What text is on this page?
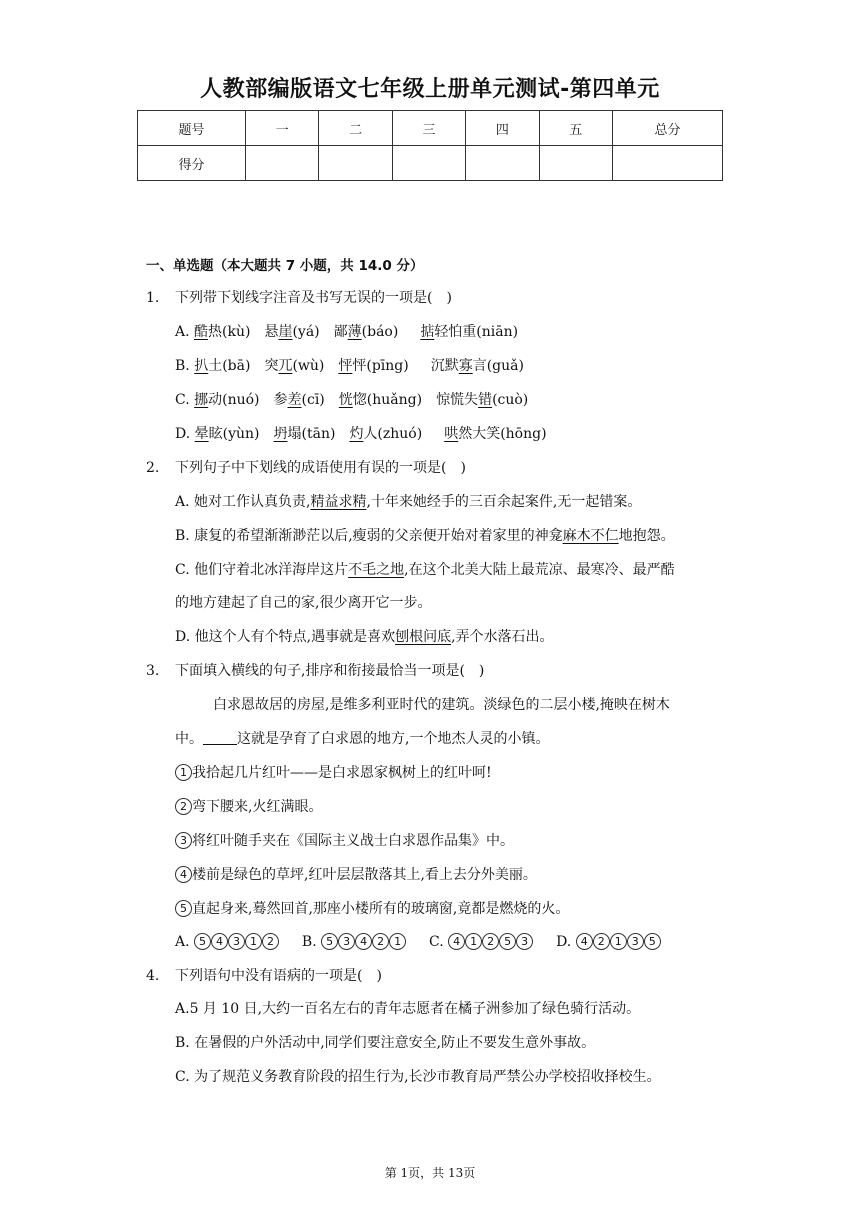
人教部编版语文七年级上册单元测试-第四单元
题号	一	二	三	四	五	总分
得分						
一、单选题（本大题共 7 小题，共 14.0 分）
1. 下列带下划线字注音及书写无误的一项是(　)
A. 酷热(kù) 悬崖(yá) 鄙薄(báo) 掂轻怕重(niān)
B. 扒土(bā) 突兀(wù) 怦怦(pīng) 沉默寡言(guǎ)
C. 挪动(nuó) 参差(cī) 恍惚(huǎng) 惊慌失错(cuò)
D. 晕眩(yùn) 坍塌(tān) 灼人(zhuó) 哄然大笑(hōng)
2. 下列句子中下划线的成语使用有误的一项是(　)
A. 她对工作认真负责,精益求精,十年来她经手的三百余起案件,无一起错案。
B. 康复的希望渐渐渺茫以后,瘦弱的父亲便开始对着家里的神龛麻木不仁地抱怨。
C. 他们守着北冰洋海岸这片不毛之地,在这个北美大陆上最荒凉、最寒冷、最严酷
的地方建起了自己的家,很少离开它一步。
D. 他这个人有个特点,遇事就是喜欢刨根问底,弄个水落石出。
3. 下面填入横线的句子,排序和衔接最恰当一项是(　)
白求恩故居的房屋,是维多利亚时代的建筑。淡绿色的二层小楼,掩映在树木
中。 这就是孕育了白求恩的地方,一个地杰人灵的小镇。
1 我拾起几片红叶——是白求恩家枫树上的红叶呵!
2 弯下腰来,火红满眼。
3 将红叶随手夹在《国际主义战士白求恩作品集》中。
4 楼前是绿色的草坪,红叶层层散落其上,看上去分外美丽。
5 直起身来,蓦然回首,那座小楼所有的玻璃窗,竟都是燃烧的火。
A. 5 4 3 1 2 B. 5 3 4 2 1 C. 4 1 2 5 3 D. 4 2 1 3 5
4. 下列语句中没有语病的一项是(　)
A.5 月 10 日,大约一百名左右的青年志愿者在橘子洲参加了绿色骑行活动。
B. 在暑假的户外活动中,同学们要注意安全,防止不要发生意外事故。
C. 为了规范义务教育阶段的招生行为,长沙市教育局严禁公办学校招收择校生。
第 1页，共 13页
